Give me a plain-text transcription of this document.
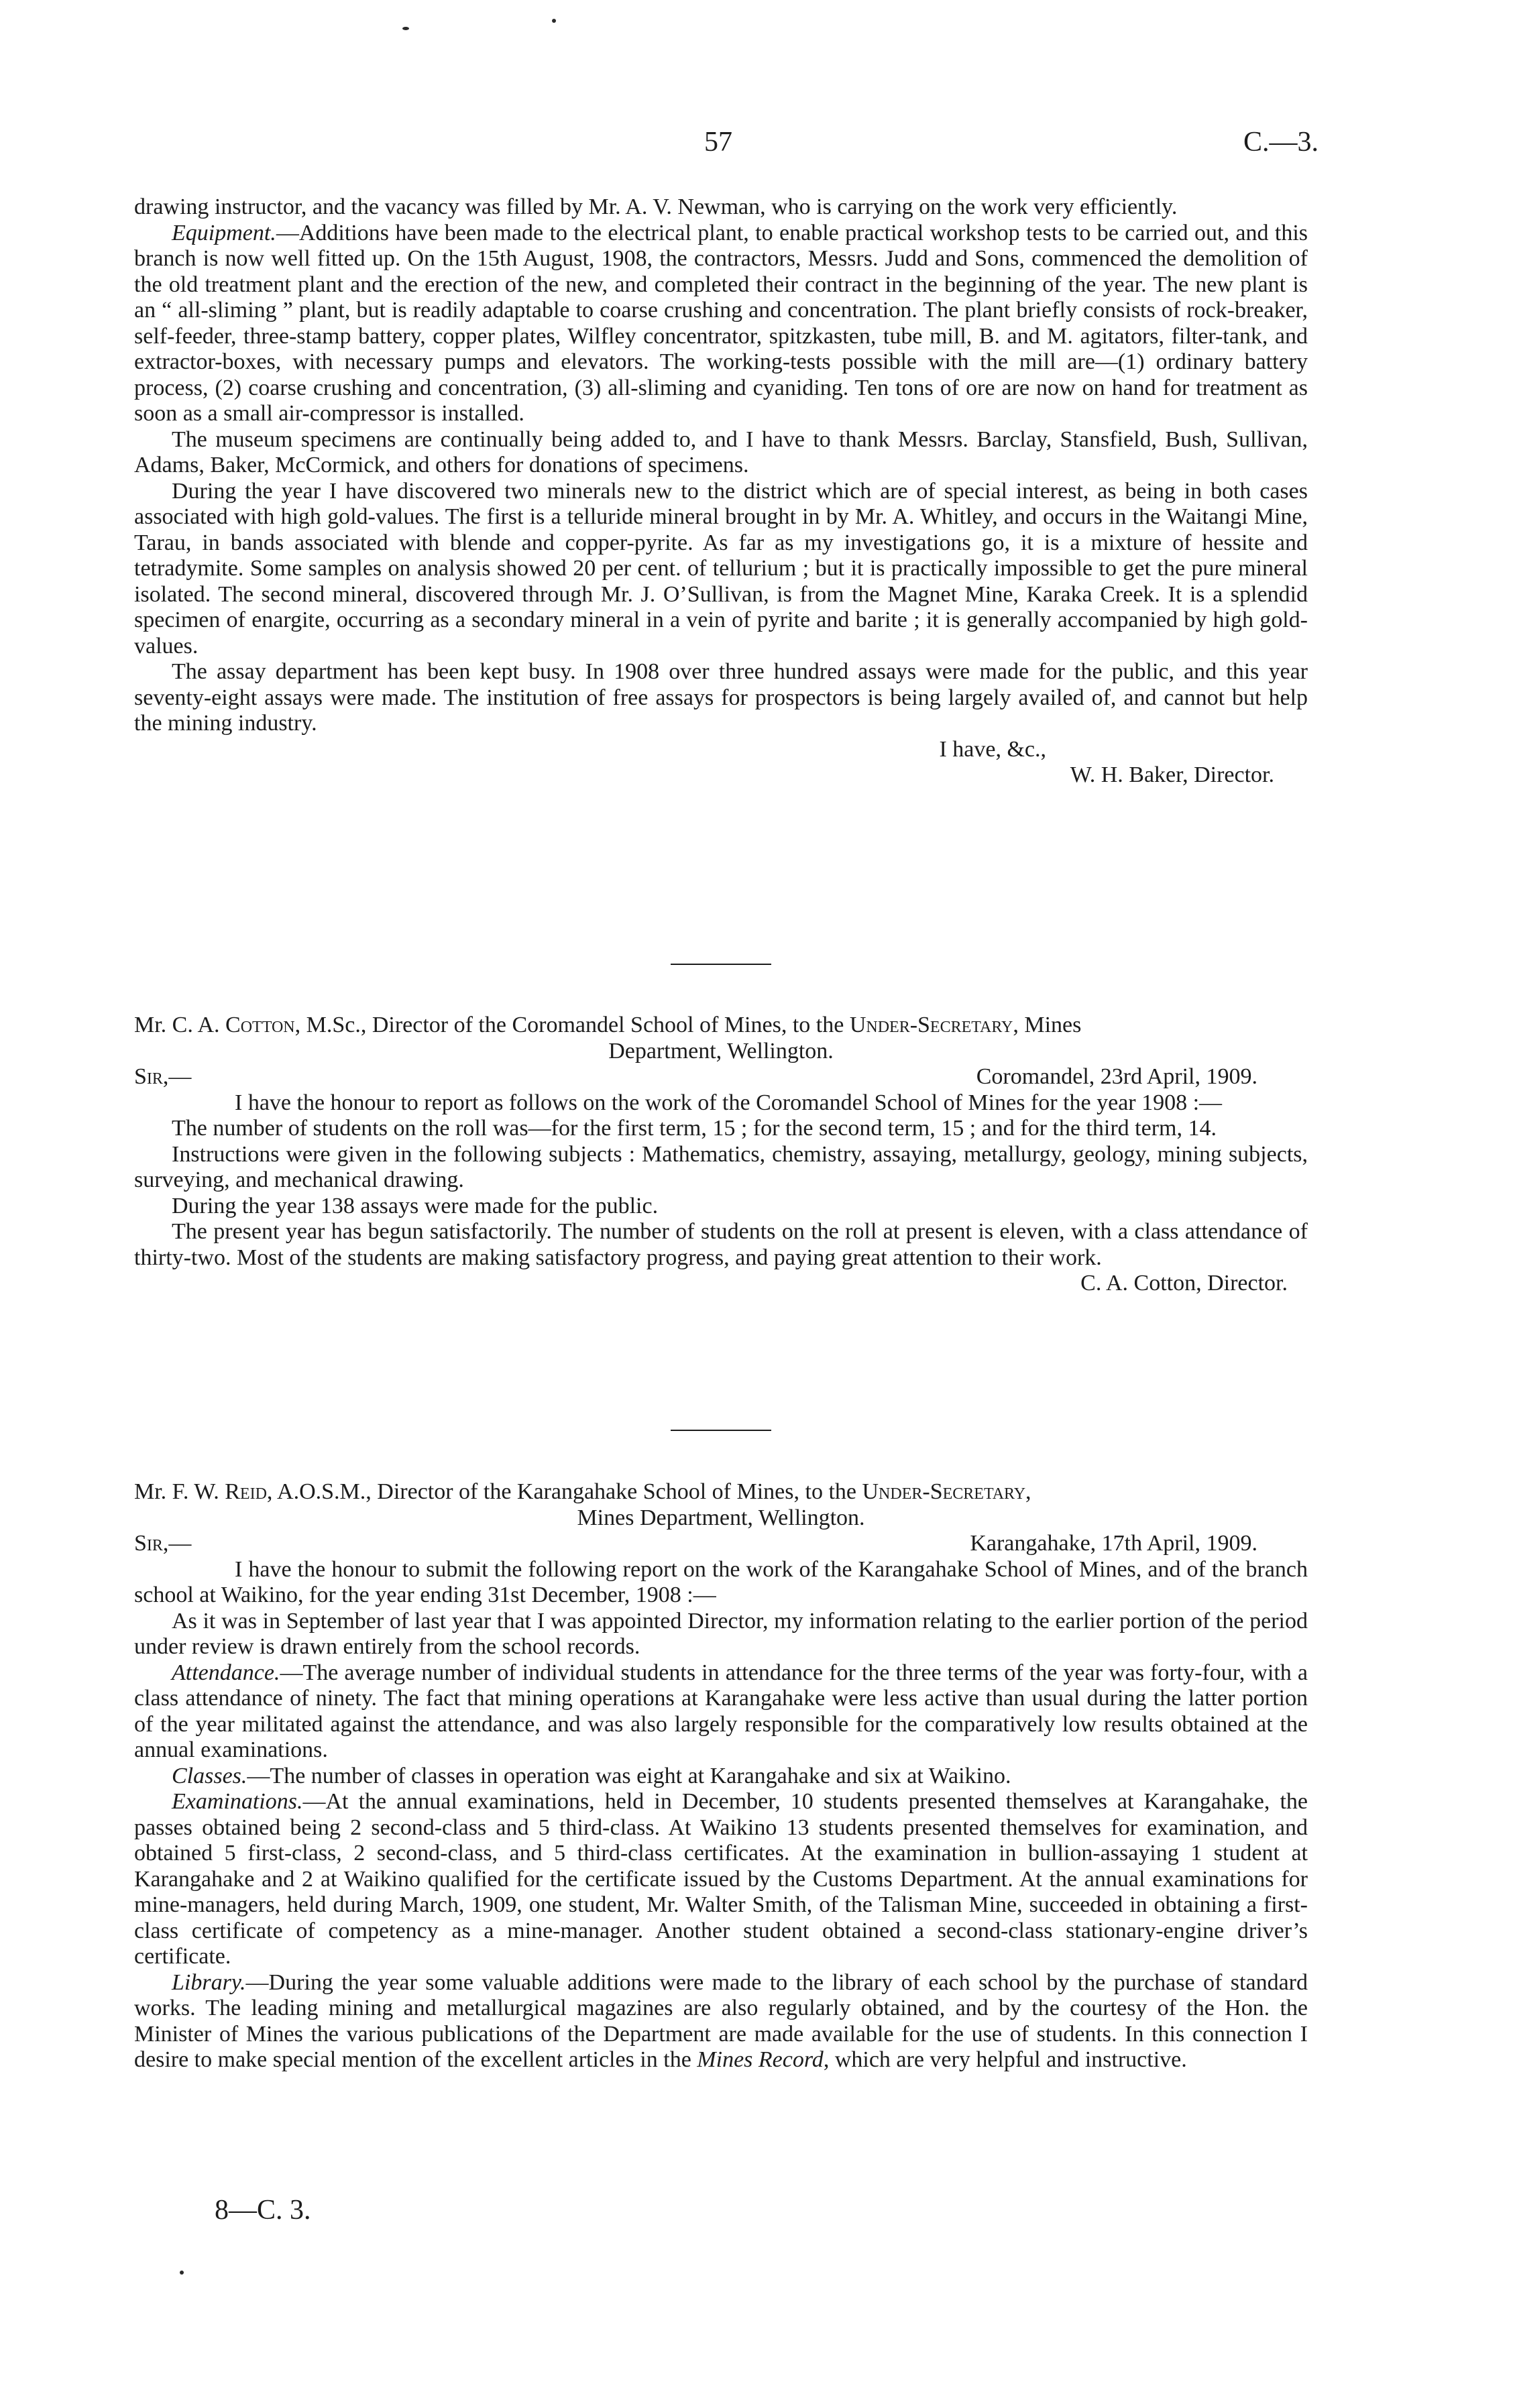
57	C.—3.

drawing instructor, and the vacancy was filled by Mr. A. V. Newman, who is carrying on the work very efficiently.

Equipment.—Additions have been made to the electrical plant, to enable practical workshop tests to be carried out, and this branch is now well fitted up. On the 15th August, 1908, the contractors, Messrs. Judd and Sons, commenced the demolition of the old treatment plant and the erection of the new, and completed their contract in the beginning of the year. The new plant is an “ all-sliming ” plant, but is readily adaptable to coarse crushing and concentration. The plant briefly consists of rock-breaker, self-feeder, three-stamp battery, copper plates, Wilfley concentrator, spitzkasten, tube mill, B. and M. agitators, filter-tank, and extractor-boxes, with necessary pumps and elevators. The working-tests possible with the mill are—(1) ordinary battery process, (2) coarse crushing and concentration, (3) all-sliming and cyaniding. Ten tons of ore are now on hand for treatment as soon as a small air-compressor is installed.

The museum specimens are continually being added to, and I have to thank Messrs. Barclay, Stansfield, Bush, Sullivan, Adams, Baker, McCormick, and others for donations of specimens.

During the year I have discovered two minerals new to the district which are of special interest, as being in both cases associated with high gold-values. The first is a telluride mineral brought in by Mr. A. Whitley, and occurs in the Waitangi Mine, Tarau, in bands associated with blende and copper-pyrite. As far as my investigations go, it is a mixture of hessite and tetradymite. Some samples on analysis showed 20 per cent. of tellurium ; but it is practically impossible to get the pure mineral isolated. The second mineral, discovered through Mr. J. O’Sullivan, is from the Magnet Mine, Karaka Creek. It is a splendid specimen of enargite, occurring as a secondary mineral in a vein of pyrite and barite ; it is generally accompanied by high gold-values.

The assay department has been kept busy. In 1908 over three hundred assays were made for the public, and this year seventy-eight assays were made. The institution of free assays for prospectors is being largely availed of, and cannot but help the mining industry.

I have, &c.,

W. H. Baker, Director.

Mr. C. A. Cotton, M.Sc., Director of the Coromandel School of Mines, to the Under-Secretary, Mines

Department, Wellington.

Sir,—	Coromandel, 23rd April, 1909.

I have the honour to report as follows on the work of the Coromandel School of Mines for the year 1908 :—

The number of students on the roll was—for the first term, 15 ; for the second term, 15 ; and for the third term, 14.

Instructions were given in the following subjects : Mathematics, chemistry, assaying, metallurgy, geology, mining subjects, surveying, and mechanical drawing.

During the year 138 assays were made for the public.

The present year has begun satisfactorily. The number of students on the roll at present is eleven, with a class attendance of thirty-two. Most of the students are making satisfactory progress, and paying great attention to their work.

C. A. Cotton, Director.

Mr. F. W. Reid, A.O.S.M., Director of the Karangahake School of Mines, to the Under-Secretary,

Mines Department, Wellington.

Sir,—	Karangahake, 17th April, 1909.

I have the honour to submit the following report on the work of the Karangahake School of Mines, and of the branch school at Waikino, for the year ending 31st December, 1908 :—

As it was in September of last year that I was appointed Director, my information relating to the earlier portion of the period under review is drawn entirely from the school records.

Attendance.—The average number of individual students in attendance for the three terms of the year was forty-four, with a class attendance of ninety. The fact that mining operations at Karangahake were less active than usual during the latter portion of the year militated against the attendance, and was also largely responsible for the comparatively low results obtained at the annual examinations.

Classes.—The number of classes in operation was eight at Karangahake and six at Waikino.

Examinations.—At the annual examinations, held in December, 10 students presented themselves at Karangahake, the passes obtained being 2 second-class and 5 third-class. At Waikino 13 students presented themselves for examination, and obtained 5 first-class, 2 second-class, and 5 third-class certificates. At the examination in bullion-assaying 1 student at Karangahake and 2 at Waikino qualified for the certificate issued by the Customs Department. At the annual examinations for mine-managers, held during March, 1909, one student, Mr. Walter Smith, of the Talisman Mine, succeeded in obtaining a first-class certificate of competency as a mine-manager. Another student obtained a second-class stationary-engine driver’s certificate.

Library.—During the year some valuable additions were made to the library of each school by the purchase of standard works. The leading mining and metallurgical magazines are also regularly obtained, and by the courtesy of the Hon. the Minister of Mines the various publications of the Department are made available for the use of students. In this connection I desire to make special mention of the excellent articles in the Mines Record, which are very helpful and instructive.

8—C. 3.
